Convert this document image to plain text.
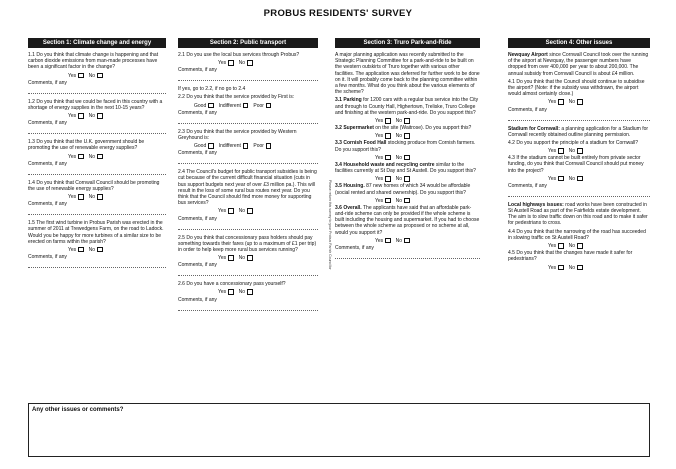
PROBUS RESIDENTS' SURVEY
Section 1: Climate change and energy
1.1 Do you think that climate change is happening and that carbon dioxide emissions from man-made processes have been a significant factor in the change?
Yes	No
Comments, if any
1.2 Do you think that we could be faced in this country with a shortage of energy supplies in the next 10-15 years?
Yes	No
Comments, if any
1.3 Do you think that the U.K. government should be promoting the use of renewable energy supplies?
Yes	No
Comments, if any
1.4 Do you think that Cornwall Council should be promoting the use of renewable energy supplies?
Yes	No
Comments, if any
1.5 The first wind turbine in Probus Parish was erected in the summer of 2011 at Trewedgens Farm, on the road to Ladock. Would you be happy for more turbines of a similar size to be erected on farms within the parish?
Yes	No
Comments, if any
Section 2: Public transport
2.1 Do you use the local bus services through Probus?
Yes	No
Comments, if any
If yes, go to 2.2, if no go to 2.4
2.2 Do you think that the service provided by First is:
Good	Indifferent	Poor
Comments, if any
2.3 Do you think that the service provided by Western Greyhound is:
Good	Indifferent	Poor
Comments, if any
2.4 The Council's budget for public transport subsidies is being cut because of the current difficult financial situation (cuts in bus support budgets next year of over £3 million pa.). This will result in the loss of some rural bus routes next year. Do you think that the Council should find more money for supporting bus services?
Yes	No
Comments, if any
2.5 Do you think that concessionary pass holders should pay something towards their fares (up to a maximum of £1 per trip) in order to help keep more rural bus services running?
Yes	No
Comments, if any
2.6 Do you have a concessionary pass yourself?
Yes	No
Comments, if any
Please return this survey to your Probus Parish Councillor
Section 3: Truro Park-and-Ride
A major planning application was recently submitted to the Strategic Planning Committee for a park-and-ride to be built on the western outskirts of Truro together with various other facilities. The application was deferred for further work to be done on it. It will probably come back to the planning committee within a few months. What do you think about the various elements of the scheme?
3.1 Parking for 1200 cars with a regular bus service into the City and through to County Hall, Highertown, Treliske, Truro College and finishing at the western park-and-ride. Do you support this?
Yes	No
3.2 Supermarket on the site (Waitrose). Do you support this?
Yes	No
3.3 Cornish Food Hall stocking produce from Cornish farmers. Do you support this?
Yes	No
3.4 Household waste and recycling centre similar to the facilities currently at St Day and St Austell. Do you support this?
Yes	No
3.5 Housing. 87 new homes of which 34 would be affordable (social rented and shared ownership). Do you support this?
Yes	No
3.6 Overall. The applicants have said that an affordable park-and-ride scheme can only be provided if the whole scheme is built including the housing and supermarket. If you had to choose between the whole scheme as proposed or no scheme at all, would you support it?
Yes	No
Comments, if any
Section 4: Other issues
Newquay Airport since Cornwall Council took over the running of the airport at Newquay, the passenger numbers have dropped from over 400,000 per year to about 200,000. The annual subsidy from Cornwall Council is about £4 million.
4.1 Do you think that the Council should continue to subsidise the airport? (Note: if the subsidy was withdrawn, the airport would almost certainly close.)
Yes	No
Comments, if any
Stadium for Cornwall: a planning application for a Stadium for Cornwall recently obtained outline planning permission.
4.2 Do you support the principle of a stadium for Cornwall?
Yes	No
4.3 If the stadium cannot be built entirely from private sector funding, do you think that Cornwall Council should put money into the project?
Yes	No
Comments, if any
Local highways issues: road works have been constructed in St Austell Road as part of the Fairfields estate development. The aim is to slow traffic down on this road and to make it safer for pedestrians to cross.
4.4 Do you think that the narrowing of the road has succeeded in slowing traffic on St Austell Road?
Yes	No
4.5 Do you think that the changes have made it safer for pedestrians?
Yes	No
Any other issues or comments?
